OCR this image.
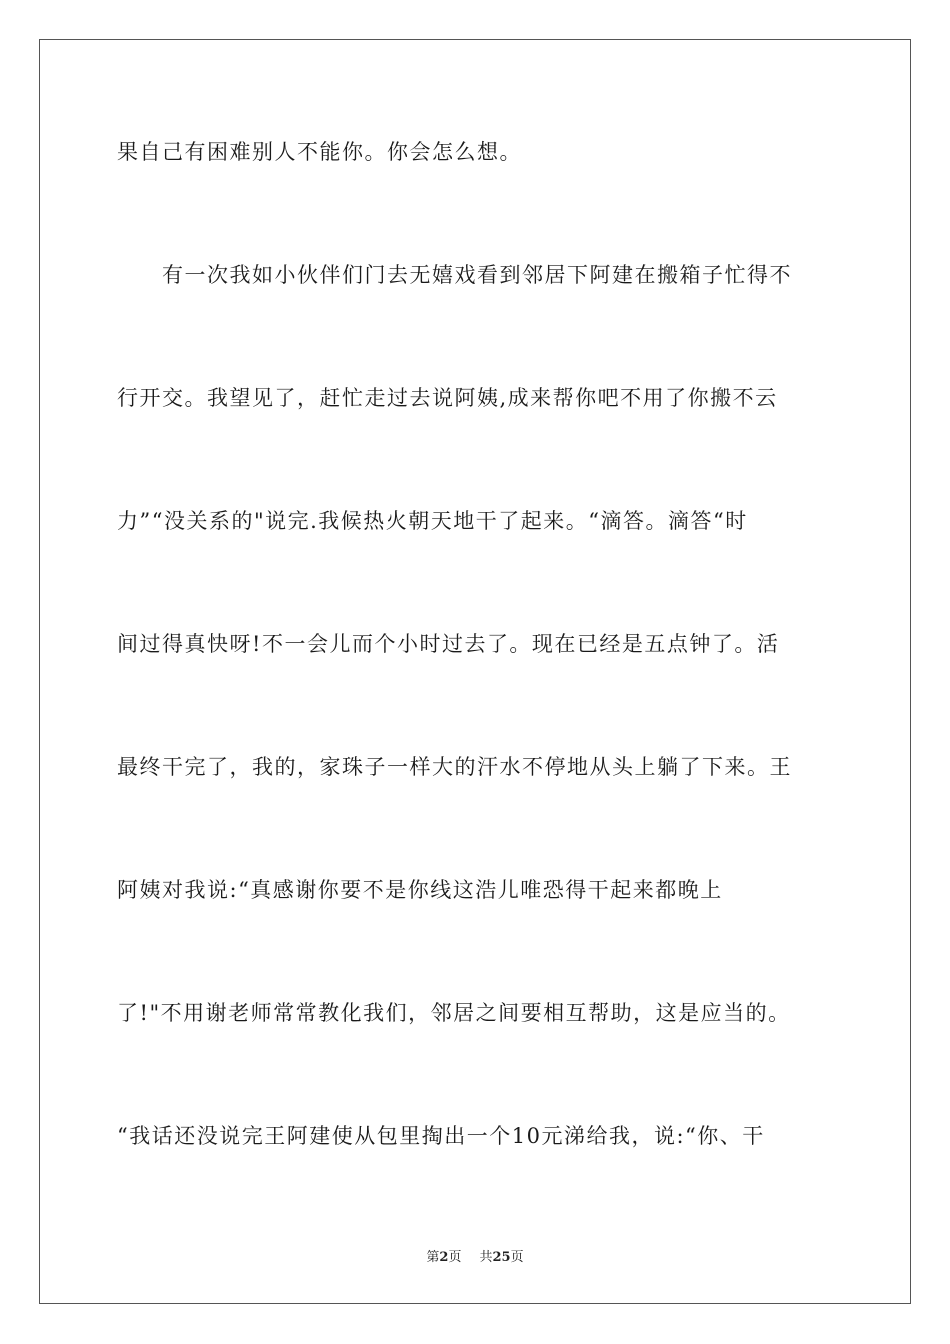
果自己有困难别人不能你。你会怎么想。
　　有一次我如小伙伴们门去无嬉戏看到邻居下阿建在搬箱子忙得不
行开交。我望见了，赶忙走过去说阿姨,成来帮你吧不用了你搬不云
力”“没关系的"说完.我候热火朝天地干了起来。“滴答。滴答“时
间过得真快呀!不一会儿而个小时过去了。现在已经是五点钟了。活
最终干完了，我的，家珠子一样大的汗水不停地从头上躺了下来。王
阿姨对我说:“真感谢你要不是你线这浩儿唯恐得干起来都晚上
了!"不用谢老师常常教化我们，邻居之间要相互帮助，这是应当的。
“我话还没说完王阿建使从包里掏出一个10元涕给我，说:“你、干
第2页 共25页
